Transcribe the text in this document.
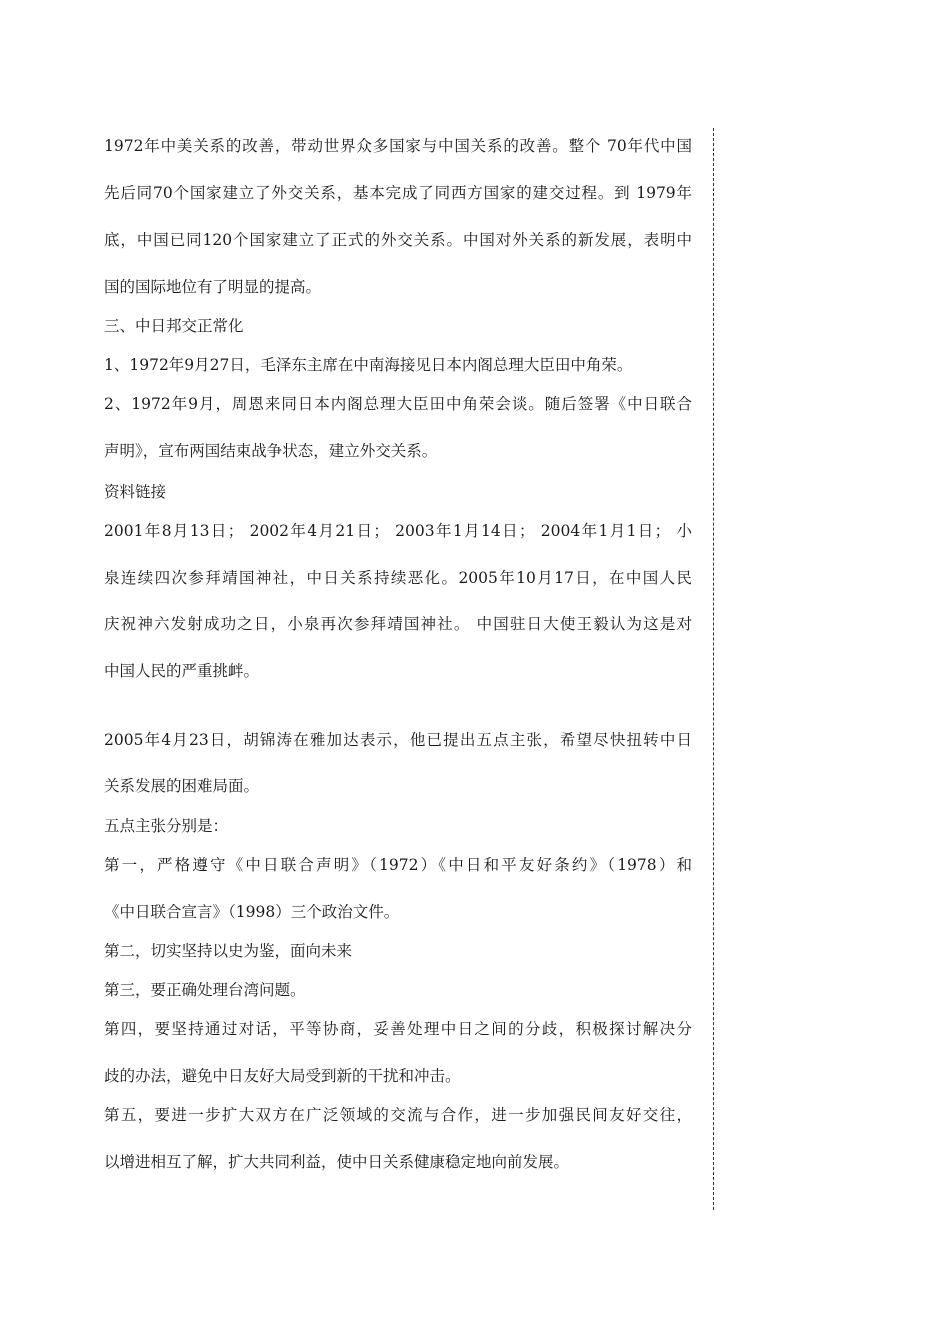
1972年中美关系的改善，带动世界众多国家与中国关系的改善。整个 70年代中国
先后同70个国家建立了外交关系，基本完成了同西方国家的建交过程。到 1979年
底，中国已同120个国家建立了正式的外交关系。中国对外关系的新发展，表明中
国的国际地位有了明显的提高。
三、中日邦交正常化
1、1972年9月27日，毛泽东主席在中南海接见日本内阁总理大臣田中角荣。
2、1972年9月，周恩来同日本内阁总理大臣田中角荣会谈。随后签署《中日联合
声明》，宣布两国结束战争状态，建立外交关系。
资料链接
2001年8月13日； 2002年4月21日； 2003年1月14日； 2004年1月1日； 小
泉连续四次参拜靖国神社，中日关系持续恶化。2005年10月17日，在中国人民
庆祝神六发射成功之日，小泉再次参拜靖国神社。 中国驻日大使王毅认为这是对
中国人民的严重挑衅。
2005年4月23日，胡锦涛在雅加达表示，他已提出五点主张，希望尽快扭转中日
关系发展的困难局面。
五点主张分别是：
第一，严格遵守《中日联合声明》（1972）《中日和平友好条约》（1978）和
《中日联合宣言》（1998）三个政治文件。
第二，切实坚持以史为鉴，面向未来
第三，要正确处理台湾问题。
第四，要坚持通过对话，平等协商，妥善处理中日之间的分歧，积极探讨解决分
歧的办法，避免中日友好大局受到新的干扰和冲击。
第五，要进一步扩大双方在广泛领域的交流与合作，进一步加强民间友好交往，
以增进相互了解，扩大共同利益，使中日关系健康稳定地向前发展。
